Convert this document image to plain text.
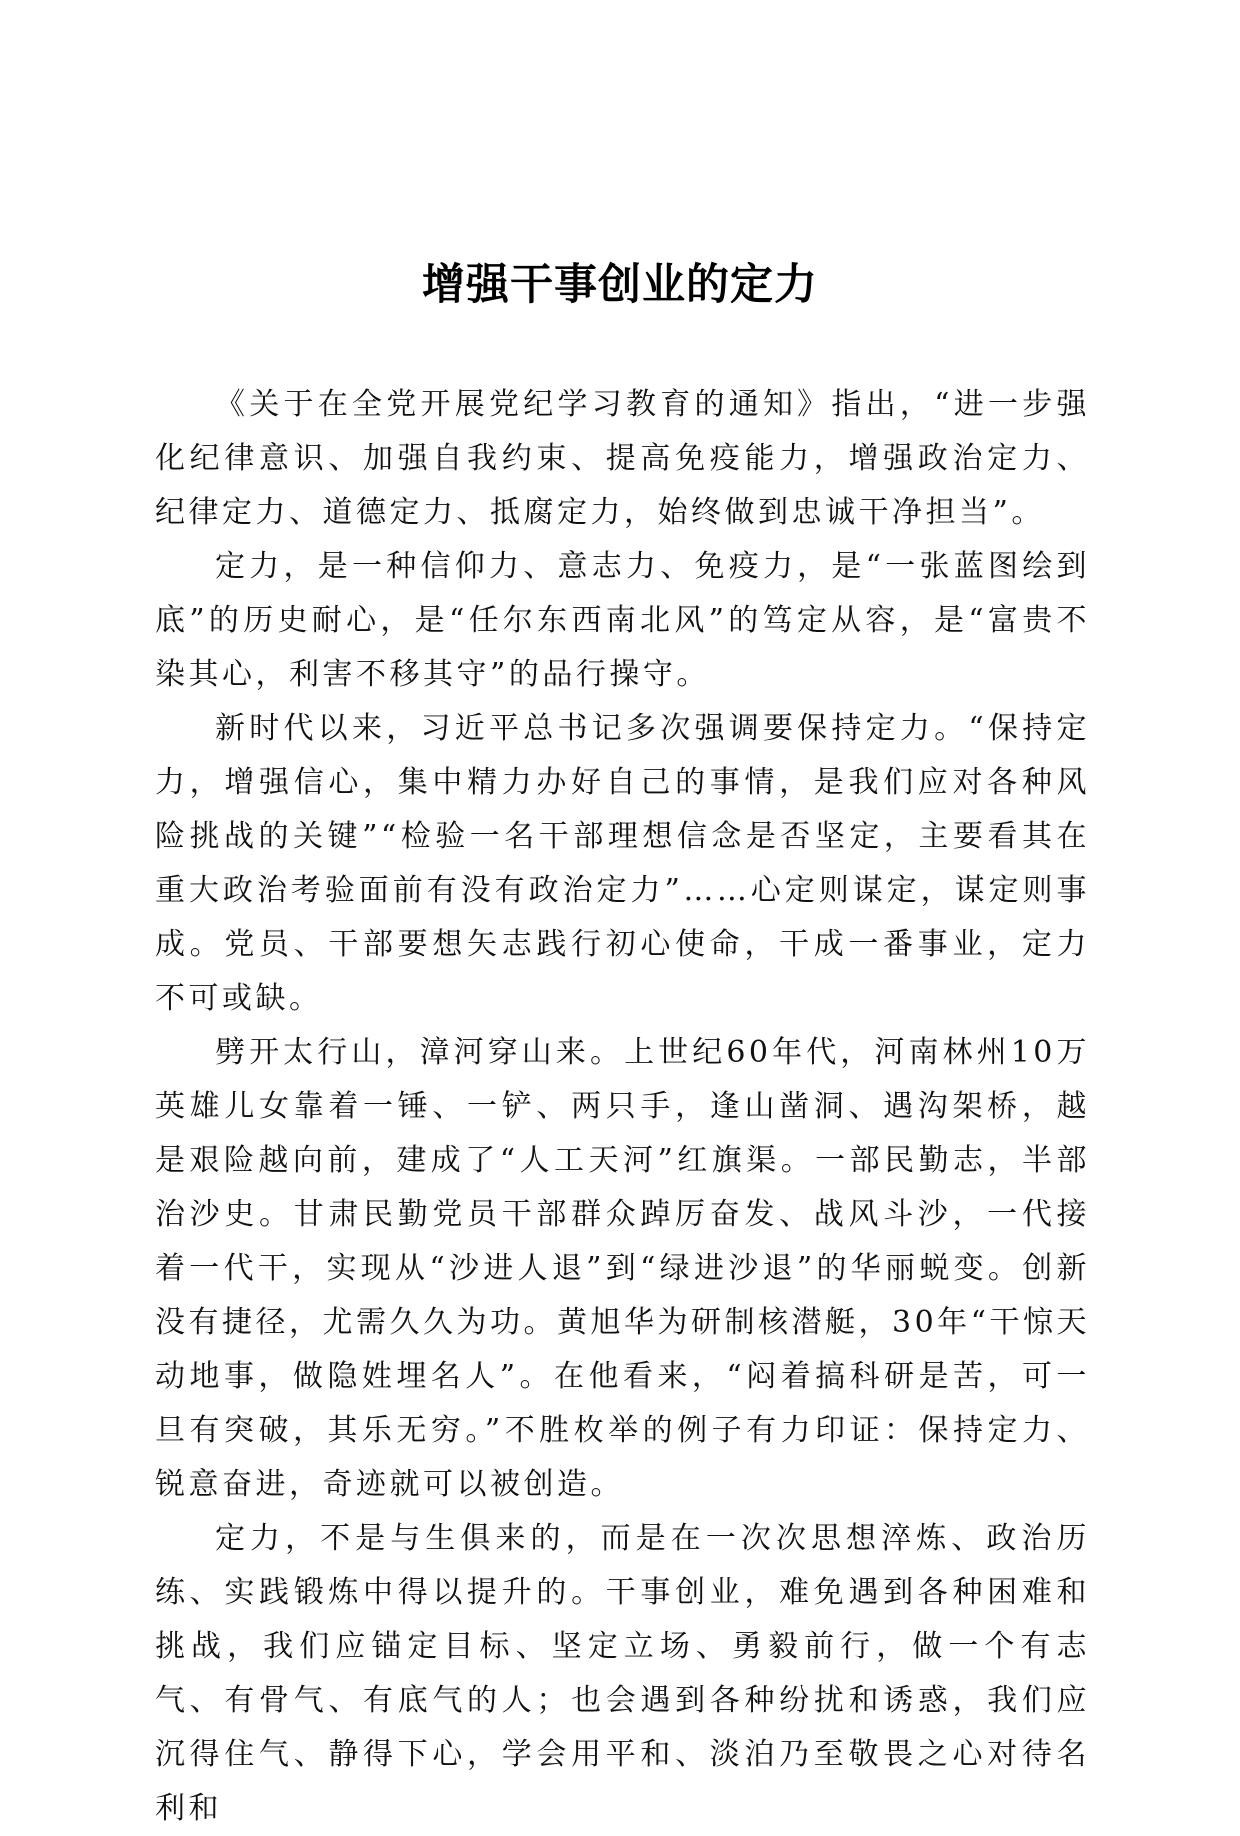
增强干事创业的定力

《关于在全党开展党纪学习教育的通知》指出，“进一步强化纪律意识、加强自我约束、提高免疫能力，增强政治定力、纪律定力、道德定力、抵腐定力，始终做到忠诚干净担当”。

定力，是一种信仰力、意志力、免疫力，是“一张蓝图绘到底”的历史耐心，是“任尔东西南北风”的笃定从容，是“富贵不染其心，利害不移其守”的品行操守。

新时代以来，习近平总书记多次强调要保持定力。“保持定力，增强信心，集中精力办好自己的事情，是我们应对各种风险挑战的关键”“检验一名干部理想信念是否坚定，主要看其在重大政治考验面前有没有政治定力”……心定则谋定，谋定则事成。党员、干部要想矢志践行初心使命，干成一番事业，定力不可或缺。

劈开太行山，漳河穿山来。上世纪60年代，河南林州10万英雄儿女靠着一锤、一铲、两只手，逢山凿洞、遇沟架桥，越是艰险越向前，建成了“人工天河”红旗渠。一部民勤志，半部治沙史。甘肃民勤党员干部群众踔厉奋发、战风斗沙，一代接着一代干，实现从“沙进人退”到“绿进沙退”的华丽蜕变。创新没有捷径，尤需久久为功。黄旭华为研制核潜艇，30年“干惊天动地事，做隐姓埋名人”。在他看来，“闷着搞科研是苦，可一旦有突破，其乐无穷。”不胜枚举的例子有力印证：保持定力、锐意奋进，奇迹就可以被创造。

定力，不是与生俱来的，而是在一次次思想淬炼、政治历练、实践锻炼中得以提升的。干事创业，难免遇到各种困难和挑战，我们应锚定目标、坚定立场、勇毅前行，做一个有志气、有骨气、有底气的人；也会遇到各种纷扰和诱惑，我们应沉得住气、静得下心，学会用平和、淡泊乃至敬畏之心对待名利和
